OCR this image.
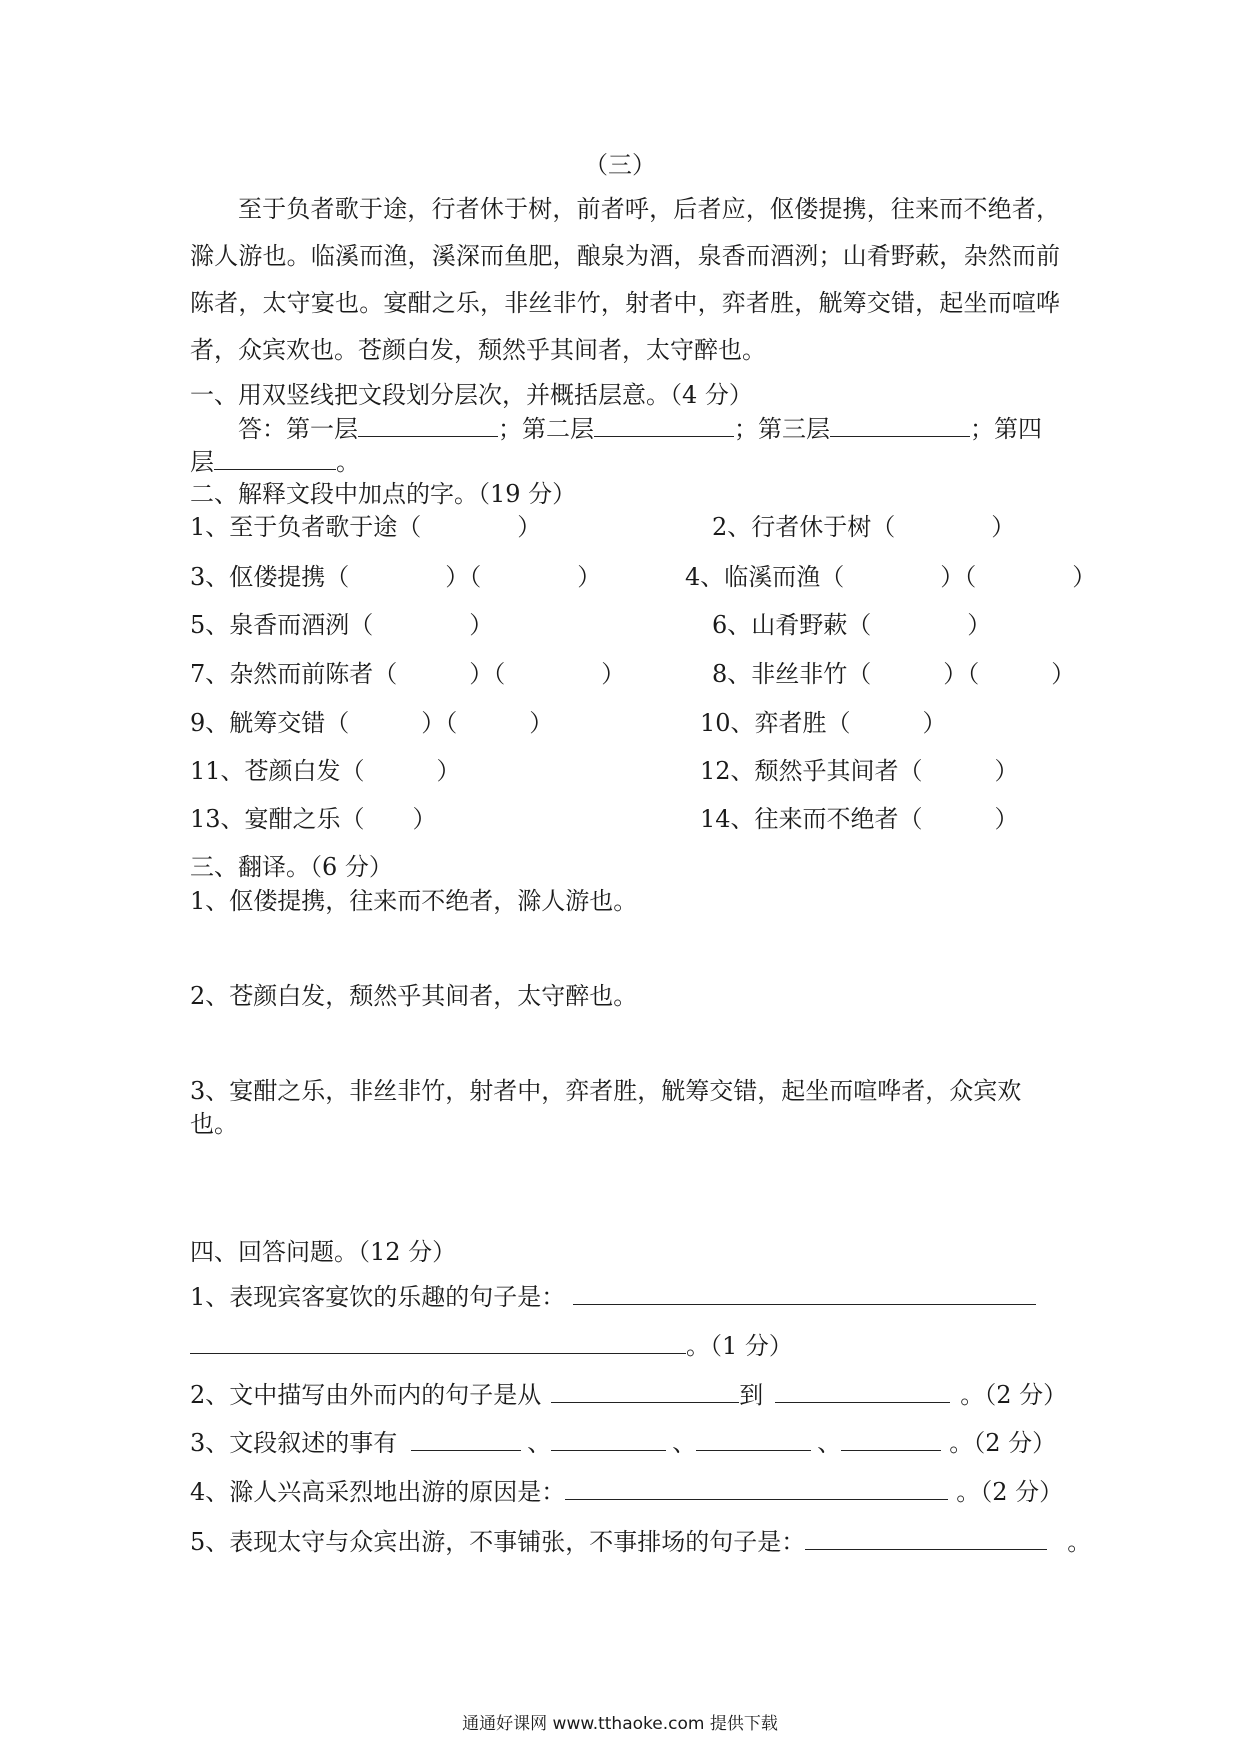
（三）
至于负者歌于途，行者休于树，前者呼，后者应，伛偻提携，往来而不绝者，滁人游也。临溪而渔，溪深而鱼肥，酿泉为酒，泉香而酒洌；山肴野蔌，杂然而前陈者，太守宴也。宴酣之乐，非丝非竹，射者中，弈者胜，觥筹交错，起坐而喧哗者，众宾欢也。苍颜白发，颓然乎其间者，太守醉也。
一、用双竖线把文段划分层次，并概括层意。（4 分）
答：第一层	；第二层	；第三层	；第四
层	。
二、解释文段中加点的字。（19 分）
1、至于负者歌于途（　　　　）	2、行者休于树（　　　　）
3、伛偻提携（　　　　）（　　　　）	4、临溪而渔（　　　　）（　　　　）
5、泉香而酒洌（　　　　）	6、山肴野蔌（　　　　）
7、杂然而前陈者（　　　）（　　　　）	8、非丝非竹（　　　）（　　　）
9、觥筹交错（　　　）（　　　）	10、弈者胜（　　　）
11、苍颜白发（　　　）	12、颓然乎其间者（　　　）
13、宴酣之乐（　　）	14、往来而不绝者（　　　）
三、翻译。（6 分）
1、伛偻提携，往来而不绝者，滁人游也。
2、苍颜白发，颓然乎其间者，太守醉也。
3、宴酣之乐，非丝非竹，射者中，弈者胜，觥筹交错，起坐而喧哗者，众宾欢
也。
四、回答问题。（12 分）
1、表现宾客宴饮的乐趣的句子是：
。（1 分）
2、文中描写由外而内的句子是从	到	。（2 分）
3、文段叙述的事有	、	、	、	。（2 分）
4、滁人兴高采烈地出游的原因是：	。（2 分）
5、表现太守与众宾出游，不事铺张，不事排场的句子是：	。
通通好课网 www.tthaoke.com 提供下载
